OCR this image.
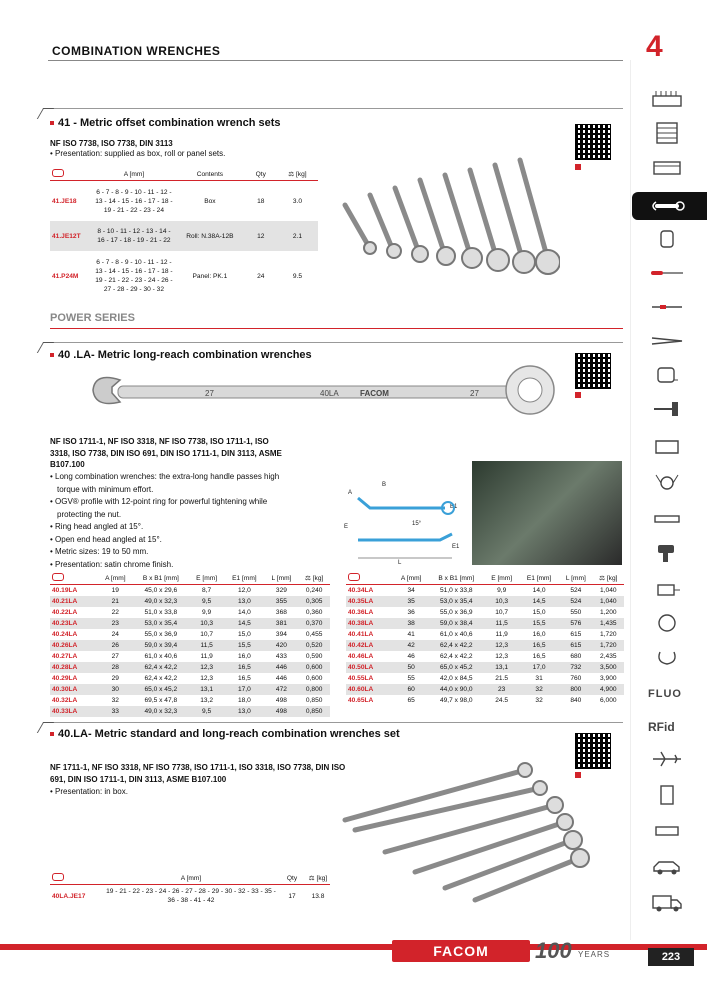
COMBINATION WRENCHES	4
41 - Metric offset combination wrench sets
NF ISO 7738, ISO 7738, DIN 3113
• Presentation: supplied as box, roll or panel sets.
	A [mm]	Contents	Qty	⚖ [kg]
41.JE18	6 - 7 - 8 - 9 - 10 - 11 - 12 - 13 - 14 - 15 - 16 - 17 - 18 - 19 - 21 - 22 - 23 - 24	Box	18	3.0
41.JE12T	8 - 10 - 11 - 12 - 13 - 14 - 16 - 17 - 18 - 19 - 21 - 22	Roll: N.38A-12B	12	2.1
41.P24M	6 - 7 - 8 - 9 - 10 - 11 - 12 - 13 - 14 - 15 - 16 - 17 - 18 - 19 - 21 - 22 - 23 - 24 - 26 - 27 - 28 - 29 - 30 - 32	Panel: PK.1	24	9.5
POWER SERIES
40 .LA- Metric long-reach combination wrenches
27	40LA	FACOM	27
NF ISO 1711-1, NF ISO 3318, NF ISO 7738, ISO 1711-1, ISO 3318, ISO 7738, DIN ISO 691, DIN ISO 1711-1, DIN 3113, ASME B107.100
• Long combination wrenches: the extra-long handle passes high
torque with minimum effort.
• OGV® profile with 12-point ring for powerful tightening while
protecting the nut.
• Ring head angled at 15°.
• Open end head angled at 15°.
• Metric sizes: 19 to 50 mm.
• Presentation: satin chrome finish.
B
A
B1
E	15°
L
E1
	A [mm]	B x B1 [mm]	E [mm]	E1 [mm]	L [mm]	⚖ [kg]
40.19LA	19	45,0 x 29,6	8,7	12,0	329	0,240
40.21LA	21	49,0 x 32,3	9,5	13,0	355	0,305
40.22LA	22	51,0 x 33,8	9,9	14,0	368	0,360
40.23LA	23	53,0 x 35,4	10,3	14,5	381	0,370
40.24LA	24	55,0 x 36,9	10,7	15,0	394	0,455
40.26LA	26	59,0 x 39,4	11,5	15,5	420	0,520
40.27LA	27	61,0 x 40,6	11,9	16,0	433	0,590
40.28LA	28	62,4 x 42,2	12,3	16,5	446	0,600
40.29LA	29	62,4 x 42,2	12,3	16,5	446	0,600
40.30LA	30	65,0 x 45,2	13,1	17,0	472	0,800
40.32LA	32	69,5 x 47,8	13,2	18,0	498	0,850
40.33LA	33	49,0 x 32,3	9,5	13,0	498	0,850
	A [mm]	B x B1 [mm]	E [mm]	E1 [mm]	L [mm]	⚖ [kg]
40.34LA	34	51,0 x 33,8	9,9	14,0	524	1,040
40.35LA	35	53,0 x 35,4	10,3	14,5	524	1,040
40.36LA	36	55,0 x 36,9	10,7	15,0	550	1,200
40.38LA	38	59,0 x 38,4	11,5	15,5	576	1,435
40.41LA	41	61,0 x 40,6	11,9	16,0	615	1,720
40.42LA	42	62,4 x 42,2	12,3	16,5	615	1,720
40.46LA	46	62,4 x 42,2	12,3	16,5	680	2,435
40.50LA	50	65,0 x 45,2	13,1	17,0	732	3,500
40.55LA	55	42,0 x 84,5	21.5	31	760	3,900
40.60LA	60	44,0 x 90,0	23	32	800	4,900
40.65LA	65	49,7 x 98,0	24.5	32	840	6,000
40.LA- Metric standard and long-reach combination wrenches set
NF 1711-1, NF ISO 3318, NF ISO 7738, ISO 1711-1, ISO 3318, ISO 7738, DIN ISO 691, DIN ISO 1711-1, DIN 3113, ASME B107.100
• Presentation: in box.
	A [mm]	Qty	⚖ [kg]
40LA.JE17	19 - 21 - 22 - 23 - 24 - 26 - 27 - 28 - 29 - 30 - 32 - 33 - 35 - 36 - 38 - 41 - 42	17	13.8
FLUO
RFid
FACOM 100 YEARS	223
